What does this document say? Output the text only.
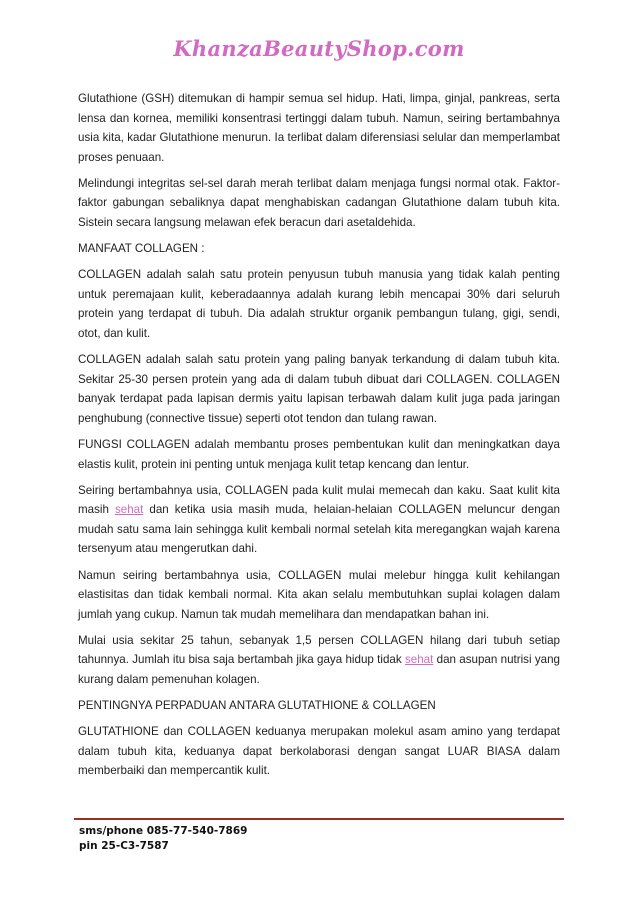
KhanzaBeautyShop.com

Glutathione (GSH) ditemukan di hampir semua sel hidup. Hati, limpa, ginjal, pankreas, serta lensa dan kornea, memiliki konsentrasi tertinggi dalam tubuh. Namun, seiring bertambahnya usia kita, kadar Glutathione menurun. Ia terlibat dalam diferensiasi selular dan memperlambat proses penuaan.

Melindungi integritas sel-sel darah merah terlibat dalam menjaga fungsi normal otak. Faktor-faktor gabungan sebaliknya dapat menghabiskan cadangan Glutathione dalam tubuh kita. Sistein secara langsung melawan efek beracun dari asetaldehida.

MANFAAT COLLAGEN :

COLLAGEN adalah salah satu protein penyusun tubuh manusia yang tidak kalah penting untuk peremajaan kulit, keberadaannya adalah kurang lebih mencapai 30% dari seluruh protein yang terdapat di tubuh. Dia adalah struktur organik pembangun tulang, gigi, sendi, otot, dan kulit.

COLLAGEN adalah salah satu protein yang paling banyak terkandung di dalam tubuh kita. Sekitar 25-30 persen protein yang ada di dalam tubuh dibuat dari COLLAGEN. COLLAGEN banyak terdapat pada lapisan dermis yaitu lapisan terbawah dalam kulit juga pada jaringan penghubung (connective tissue) seperti otot tendon dan tulang rawan.

FUNGSI COLLAGEN adalah membantu proses pembentukan kulit dan meningkatkan daya elastis kulit, protein ini penting untuk menjaga kulit tetap kencang dan lentur.

Seiring bertambahnya usia, COLLAGEN pada kulit mulai memecah dan kaku. Saat kulit kita masih sehat dan ketika usia masih muda, helaian-helaian COLLAGEN meluncur dengan mudah satu sama lain sehingga kulit kembali normal setelah kita meregangkan wajah karena tersenyum atau mengerutkan dahi.

Namun seiring bertambahnya usia, COLLAGEN mulai melebur hingga kulit kehilangan elastisitas dan tidak kembali normal. Kita akan selalu membutuhkan suplai kolagen dalam jumlah yang cukup. Namun tak mudah memelihara dan mendapatkan bahan ini.

Mulai usia sekitar 25 tahun, sebanyak 1,5 persen COLLAGEN hilang dari tubuh setiap tahunnya. Jumlah itu bisa saja bertambah jika gaya hidup tidak sehat dan asupan nutrisi yang kurang dalam pemenuhan kolagen.

PENTINGNYA PERPADUAN ANTARA GLUTATHIONE & COLLAGEN

GLUTATHIONE dan COLLAGEN keduanya merupakan molekul asam amino yang terdapat dalam tubuh kita, keduanya dapat berkolaborasi dengan sangat LUAR BIASA dalam memberbaiki dan mempercantik kulit.

sms/phone 085-77-540-7869
pin 25-C3-7587
